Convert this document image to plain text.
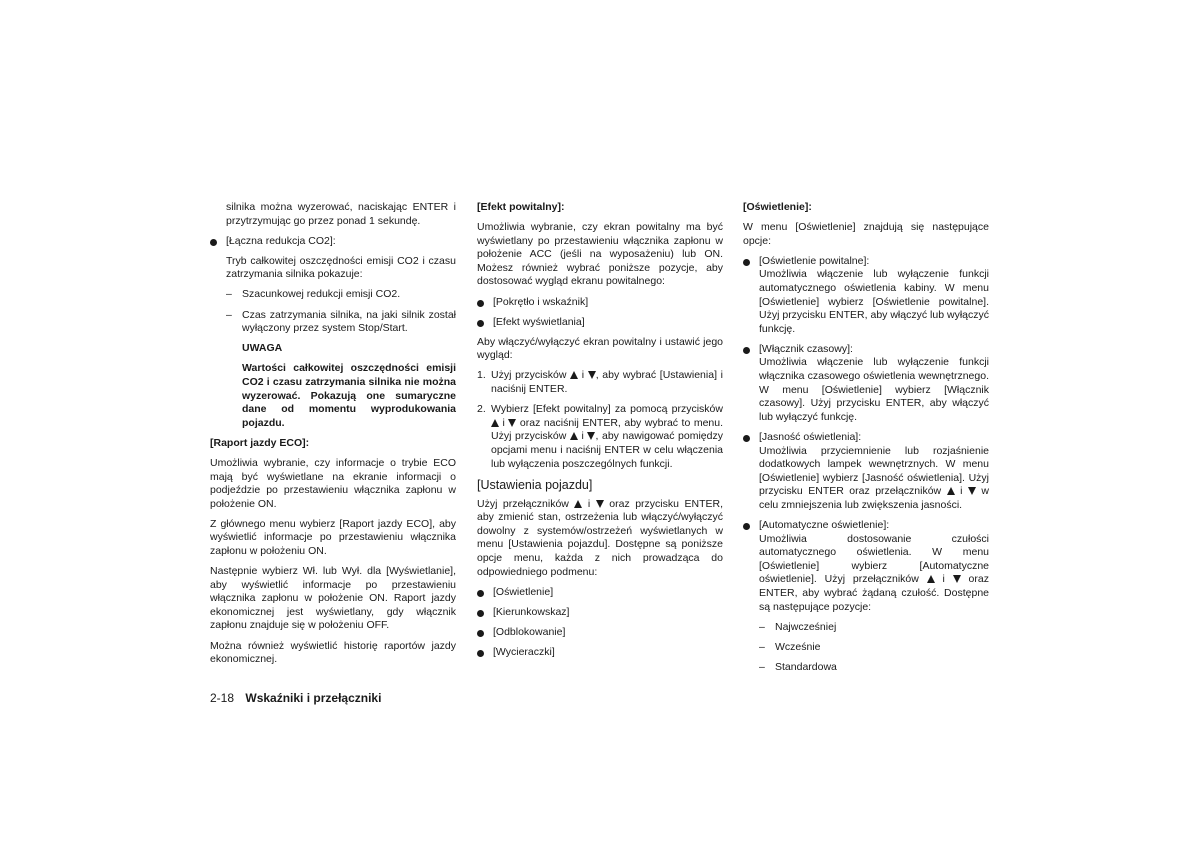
silnika można wyzerować, naciskając ENTER i przytrzymując go przez ponad 1 sekundę.

[Łączna redukcja CO2]:

Tryb całkowitej oszczędności emisji CO2 i czasu zatrzymania silnika pokazuje:

– Szacunkowej redukcji emisji CO2.
– Czas zatrzymania silnika, na jaki silnik został wyłączony przez system Stop/Start.

UWAGA

Wartości całkowitej oszczędności emisji CO2 i czasu zatrzymania silnika nie można wyzerować. Pokazują one sumaryczne dane od momentu wyprodukowania pojazdu.

[Raport jazdy ECO]:

Umożliwia wybranie, czy informacje o trybie ECO mają być wyświetlane na ekranie informacji o podjeździe po przestawieniu włącznika zapłonu w położenie ON.

Z głównego menu wybierz [Raport jazdy ECO], aby wyświetlić informacje po przestawieniu włącznika zapłonu w położeniu ON.

Następnie wybierz Wł. lub Wył. dla [Wyświetlanie], aby wyświetlić informacje po przestawieniu włącznika zapłonu w położenie ON. Raport jazdy ekonomicznej jest wyświetlany, gdy włącznik zapłonu znajduje się w położeniu OFF.

Można również wyświetlić historię raportów jazdy ekonomicznej.

[Efekt powitalny]:

Umożliwia wybranie, czy ekran powitalny ma być wyświetlany po przestawieniu włącznika zapłonu w położenie ACC (jeśli na wyposażeniu) lub ON. Możesz również wybrać poniższe pozycje, aby dostosować wygląd ekranu powitalnego:

[Pokrętło i wskaźnik]
[Efekt wyświetlania]

Aby włączyć/wyłączyć ekran powitalny i ustawić jego wygląd:

1. Użyj przycisków i , aby wybrać [Ustawienia] i naciśnij ENTER.
2. Wybierz [Efekt powitalny] za pomocą przycisków  i oraz naciśnij ENTER, aby wybrać to menu. Użyj przycisków i , aby nawigować pomiędzy opcjami menu i naciśnij ENTER w celu włączenia lub wyłączenia poszczególnych funkcji.

[Ustawienia pojazdu]

Użyj przełączników i oraz przycisku ENTER, aby zmienić stan, ostrzeżenia lub włączyć/wyłączyć dowolny z systemów/ostrzeżeń wyświetlanych w menu [Ustawienia pojazdu]. Dostępne są poniższe opcje menu, każda z nich prowadząca do odpowiedniego podmenu:

[Oświetlenie]
[Kierunkowskaz]
[Odblokowanie]
[Wycieraczki]

[Oświetlenie]:

W menu [Oświetlenie] znajdują się następujące opcje:

[Oświetlenie powitalne]:
Umożliwia włączenie lub wyłączenie funkcji automatycznego oświetlenia kabiny. W menu [Oświetlenie] wybierz [Oświetlenie powitalne]. Użyj przycisku ENTER, aby włączyć lub wyłączyć funkcję.
[Włącznik czasowy]:
Umożliwia włączenie lub wyłączenie funkcji włącznika czasowego oświetlenia wewnętrznego. W menu [Oświetlenie] wybierz [Włącznik czasowy]. Użyj przycisku ENTER, aby włączyć lub wyłączyć funkcję.
[Jasność oświetlenia]:
Umożliwia przyciemnienie lub rozjaśnienie dodatkowych lampek wewnętrznych. W menu [Oświetlenie] wybierz [Jasność oświetlenia]. Użyj przycisku ENTER oraz przełączników i w celu zmniejszenia lub zwiększenia jasności.
[Automatyczne oświetlenie]:
Umożliwia dostosowanie czułości automatycznego oświetlenia. W menu [Oświetlenie] wybierz [Automatyczne oświetlenie]. Użyj przełączników i oraz ENTER, aby wybrać żądaną czułość. Dostępne są następujące pozycje:
– Najwcześniej
– Wcześnie
– Standardowa
2-18 Wskaźniki i przełączniki
